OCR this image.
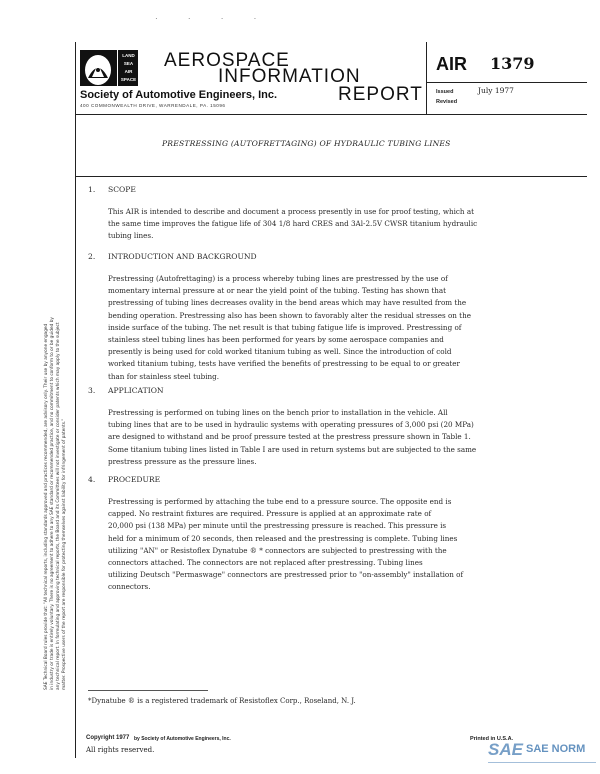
· · · ·
LAND
SEA
AIR
SPACE
AEROSPACE
INFORMATION
REPORT
Society of Automotive Engineers, Inc.
400 COMMONWEALTH DRIVE, WARRENDALE, PA. 15096
AIR 1379
Issued	July 1977
Revised
PRESTRESSING (AUTOFRETTAGING) OF HYDRAULIC TUBING LINES
1. SCOPE
This AIR is intended to describe and document a process presently in use for proof testing, which at
the same time improves the fatigue life of 304 1/8 hard CRES and 3Al-2.5V CWSR titanium hydraulic
tubing lines.
2. INTRODUCTION AND BACKGROUND
Prestressing (Autofrettaging) is a process whereby tubing lines are prestressed by the use of
momentary internal pressure at or near the yield point of the tubing. Testing has shown that
prestressing of tubing lines decreases ovality in the bend areas which may have resulted from the
bending operation. Prestressing also has been shown to favorably alter the residual stresses on the
inside surface of the tubing. The net result is that tubing fatigue life is improved. Prestressing of
stainless steel tubing lines has been performed for years by some aerospace companies and
presently is being used for cold worked titanium tubing as well. Since the introduction of cold
worked titanium tubing, tests have verified the benefits of prestressing to be equal to or greater
than for stainless steel tubing.
3. APPLICATION
Prestressing is performed on tubing lines on the bench prior to installation in the vehicle. All
tubing lines that are to be used in hydraulic systems with operating pressures of 3,000 psi (20 MPa)
are designed to withstand and be proof pressure tested at the prestress pressure shown in Table 1.
Some titanium tubing lines listed in Table I are used in return systems but are subjected to the same
prestress pressure as the pressure lines.
4. PROCEDURE
Prestressing is performed by attaching the tube end to a pressure source. The opposite end is
capped. No restraint fixtures are required. Pressure is applied at an approximate rate of
20,000 psi (138 MPa) per minute until the prestressing pressure is reached. This pressure is
held for a minimum of 20 seconds, then released and the prestressing is complete. Tubing lines
utilizing "AN" or Resistoflex Dynatube ® * connectors are subjected to prestressing with the
connectors attached. The connectors are not replaced after prestressing. Tubing lines
utilizing Deutsch "Permaswage" connectors are prestressed prior to "on-assembly" installation of
connectors.
*Dynatube ® is a registered trademark of Resistoflex Corp., Roseland, N. J.
Copyright 1977 by Society of Automotive Engineers, Inc.
All rights reserved.
Printed in U.S.A.
SAE SAE NORM
SAE Technical Board rules provide that: "All technical reports, including standards approved and practices recommended, are advisory only. Their use by anyone engaged in industry or trade is entirely voluntary. There is no agreement to adhere to any SAE standard or recommended practice, and no commitment to conform to or be guided by any technical report. In formulating and approving technical reports, the Board and its Committees will not investigate or consider patents which may apply to the subject matter. Prospective users of the report are responsible for protecting themselves against liability for infringement of patents."
